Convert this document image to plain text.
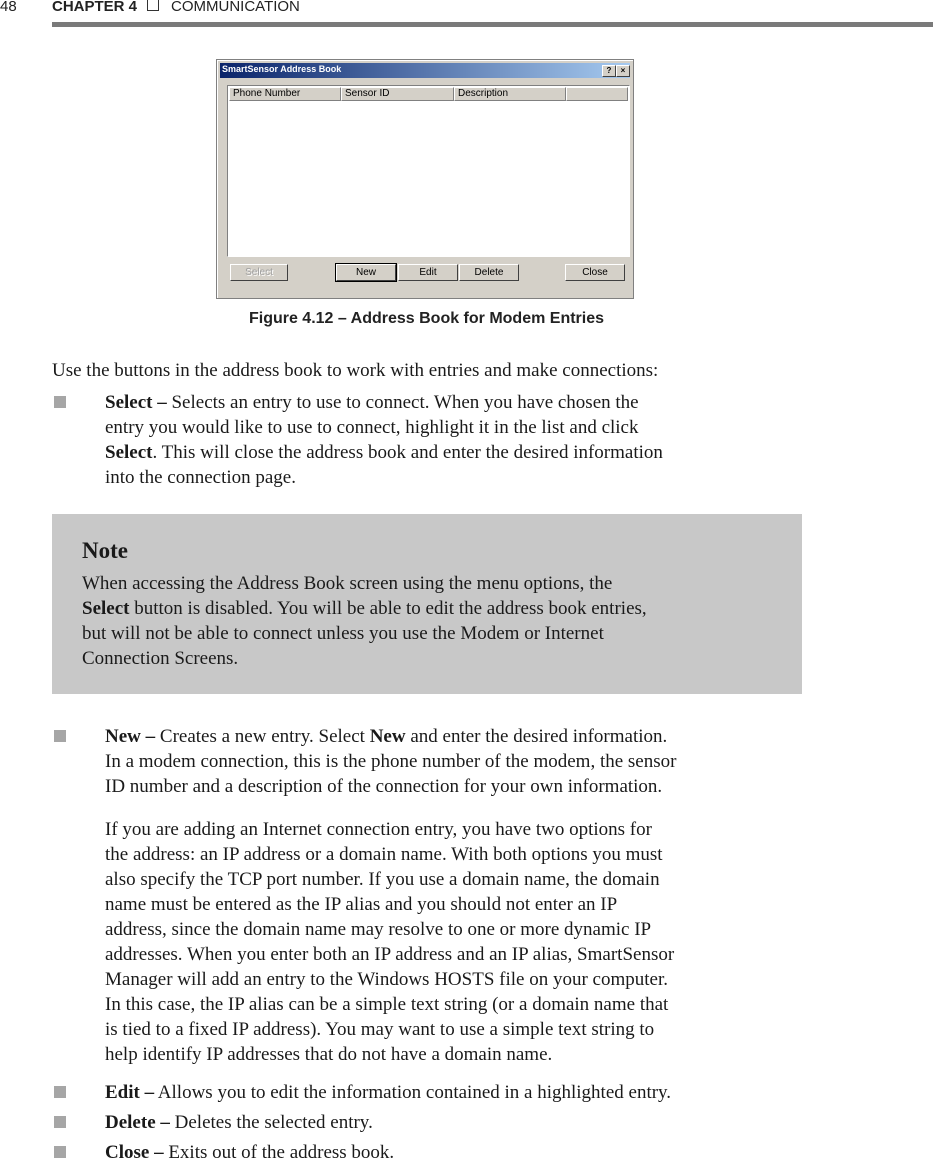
48 CHAPTER 4 COMMUNICATION
SmartSensor Address Book	?	×
Phone Number	Sensor ID	Description
Select	New	Edit	Delete	Close
Figure 4.12 – Address Book for Modem Entries
Use the buttons in the address book to work with entries and make connections:
Select – Selects an entry to use to connect. When you have chosen the
entry you would like to use to connect, highlight it in the list and click
Select. This will close the address book and enter the desired information
into the connection page.
Note
When accessing the Address Book screen using the menu options, the
Select button is disabled. You will be able to edit the address book entries,
but will not be able to connect unless you use the Modem or Internet
Connection Screens.
New – Creates a new entry. Select New and enter the desired information.
In a modem connection, this is the phone number of the modem, the sensor
ID number and a description of the connection for your own information.
If you are adding an Internet connection entry, you have two options for
the address: an IP address or a domain name. With both options you must
also specify the TCP port number. If you use a domain name, the domain
name must be entered as the IP alias and you should not enter an IP
address, since the domain name may resolve to one or more dynamic IP
addresses. When you enter both an IP address and an IP alias, SmartSensor
Manager will add an entry to the Windows HOSTS file on your computer.
In this case, the IP alias can be a simple text string (or a domain name that
is tied to a fixed IP address). You may want to use a simple text string to
help identify IP addresses that do not have a domain name.
Edit – Allows you to edit the information contained in a highlighted entry.
Delete – Deletes the selected entry.
Close – Exits out of the address book.
